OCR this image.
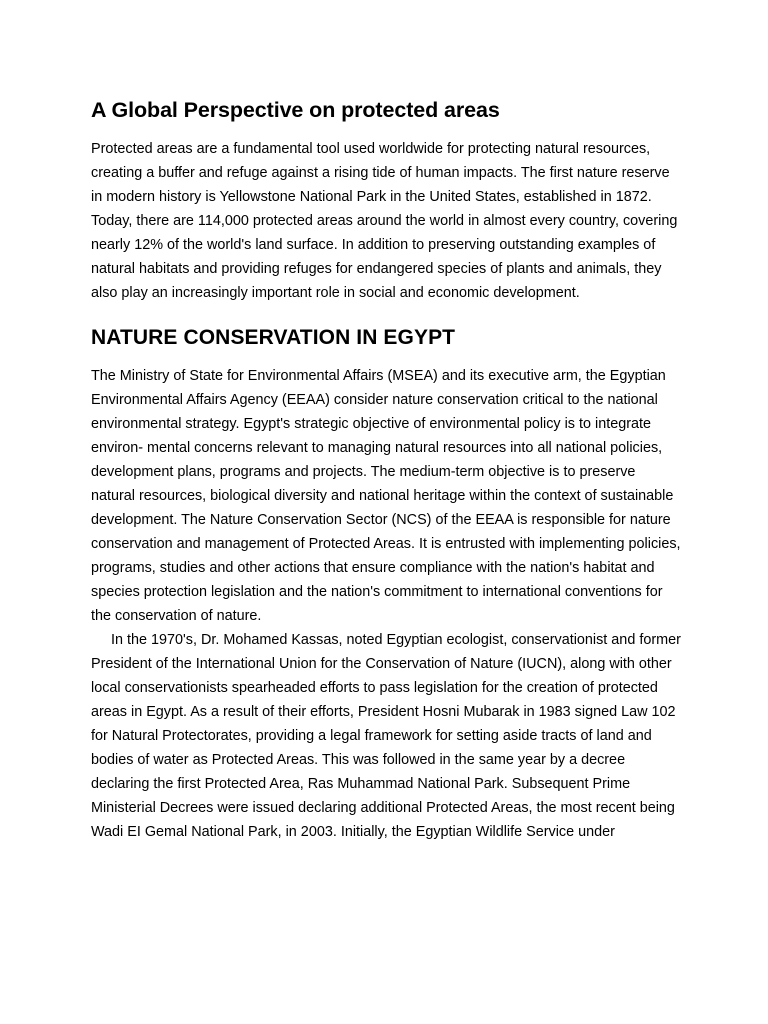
A Global Perspective on protected areas

Protected areas are a fundamental tool used worldwide for protecting natural resources, creating a buffer and refuge against a rising tide of human impacts. The first nature reserve in modern history is Yellowstone National Park in the United States, established in 1872. Today, there are 114,000 protected areas around the world in almost every country, covering nearly 12% of the world's land surface. In addition to preserving outstanding examples of natural habitats and providing refuges for endangered species of plants and animals, they also play an increasingly important role in social and economic development.

NATURE CONSERVATION IN EGYPT

The Ministry of State for Environmental Affairs (MSEA) and its executive arm, the Egyptian Environmental Affairs Agency (EEAA) consider nature conservation critical to the national environmental strategy. Egypt's strategic objective of environmental policy is to integrate environ- mental concerns relevant to managing natural resources into all national policies, development plans, programs and projects. The medium-term objective is to preserve natural resources, biological diversity and national heritage within the context of sustainable development. The Nature Conservation Sector (NCS) of the EEAA is responsible for nature conservation and management of Protected Areas. It is entrusted with implementing policies, programs, studies and other actions that ensure compliance with the nation's habitat and species protection legislation and the nation's commitment to international conventions for the conservation of nature.

In the 1970's, Dr. Mohamed Kassas, noted Egyptian ecologist, conservationist and former President of the International Union for the Conservation of Nature (IUCN), along with other local conservationists spearheaded efforts to pass legislation for the creation of protected areas in Egypt. As a result of their efforts, President Hosni Mubarak in 1983 signed Law 102 for Natural Protectorates, providing a legal framework for setting aside tracts of land and bodies of water as Protected Areas. This was followed in the same year by a decree declaring the first Protected Area, Ras Muhammad National Park. Subsequent Prime Ministerial Decrees were issued declaring additional Protected Areas, the most recent being Wadi EI Gemal National Park, in 2003. Initially, the Egyptian Wildlife Service under
